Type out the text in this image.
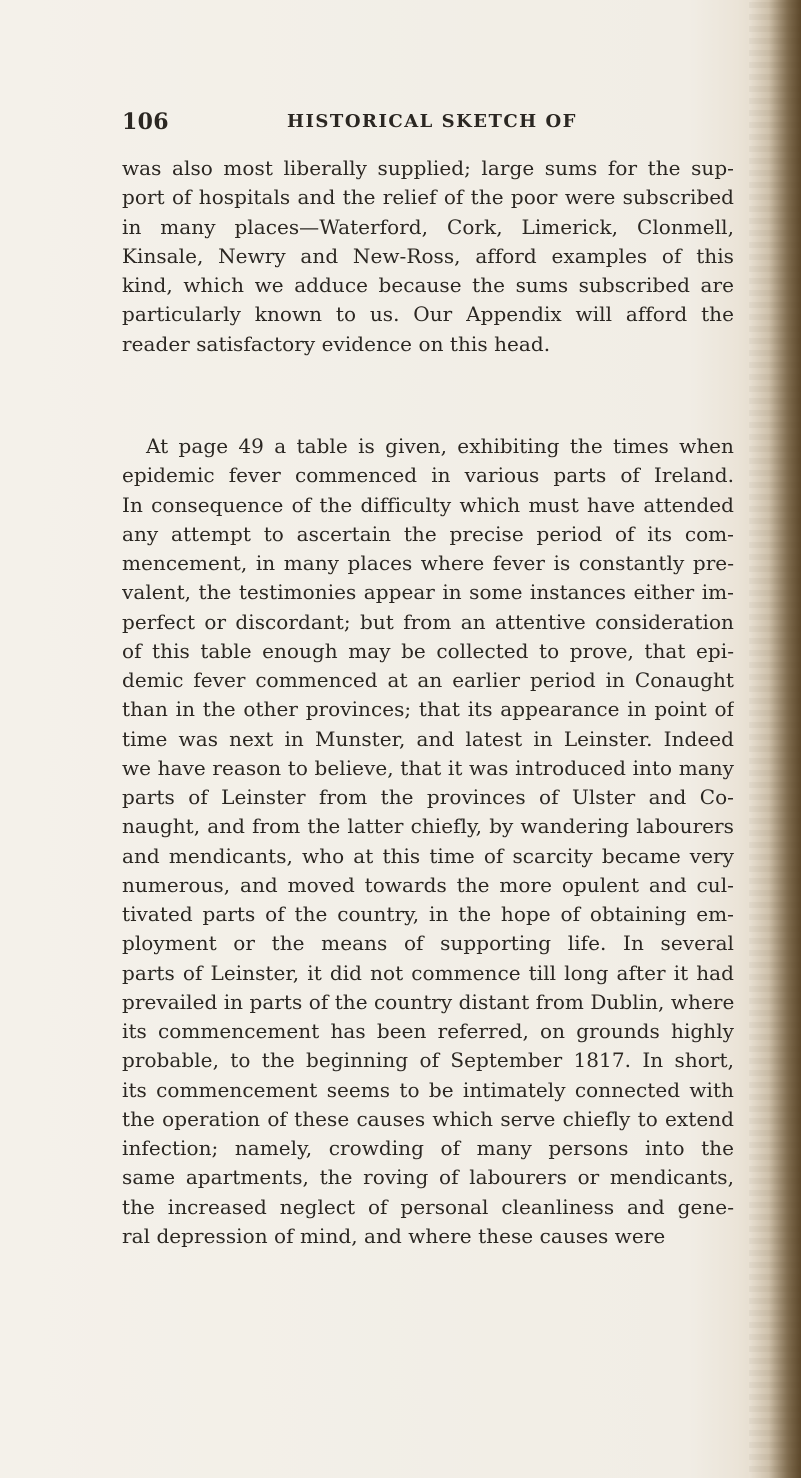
106	HISTORICAL SKETCH OF
was also most liberally supplied; large sums for the sup-
port of hospitals and the relief of the poor were subscribed
in many places—Waterford, Cork, Limerick, Clonmell,
Kinsale, Newry and New-Ross, afford examples of this
kind, which we adduce because the sums subscribed are
particularly known to us. Our Appendix will afford the
reader satisfactory evidence on this head.
At page 49 a table is given, exhibiting the times when
epidemic fever commenced in various parts of Ireland.
In consequence of the difficulty which must have attended
any attempt to ascertain the precise period of its com-
mencement, in many places where fever is constantly pre-
valent, the testimonies appear in some instances either im-
perfect or discordant; but from an attentive consideration
of this table enough may be collected to prove, that epi-
demic fever commenced at an earlier period in Conaught
than in the other provinces; that its appearance in point of
time was next in Munster, and latest in Leinster. Indeed
we have reason to believe, that it was introduced into many
parts of Leinster from the provinces of Ulster and Co-
naught, and from the latter chiefly, by wandering labourers
and mendicants, who at this time of scarcity became very
numerous, and moved towards the more opulent and cul-
tivated parts of the country, in the hope of obtaining em-
ployment or the means of supporting life. In several
parts of Leinster, it did not commence till long after it had
prevailed in parts of the country distant from Dublin, where
its commencement has been referred, on grounds highly
probable, to the beginning of September 1817. In short,
its commencement seems to be intimately connected with
the operation of these causes which serve chiefly to extend
infection; namely, crowding of many persons into the
same apartments, the roving of labourers or mendicants,
the increased neglect of personal cleanliness and gene-
ral depression of mind, and where these causes were
